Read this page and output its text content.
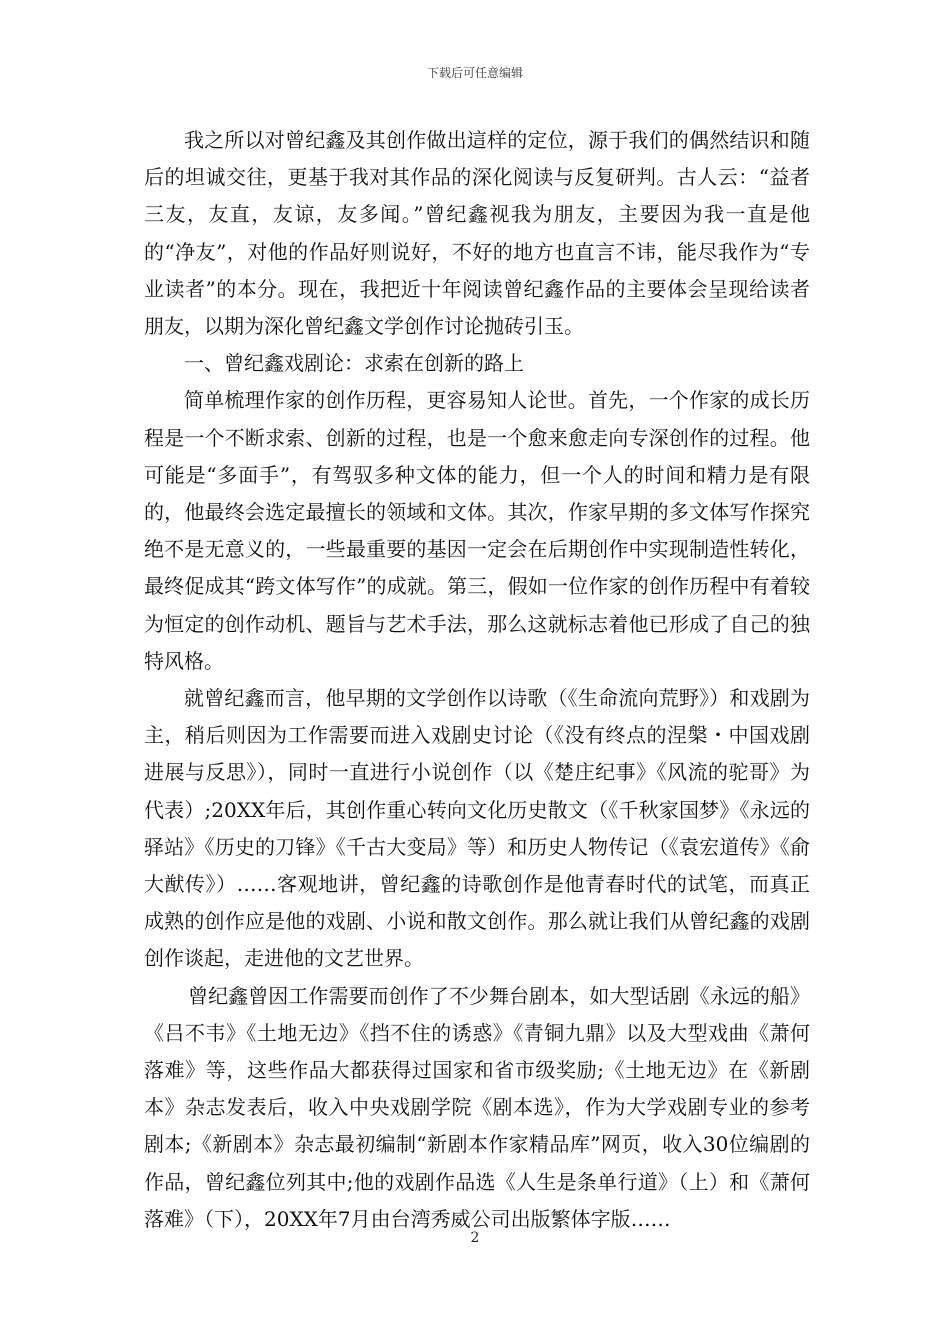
下载后可任意编辑

我之所以对曾纪鑫及其创作做出這样的定位，源于我们的偶然结识和随后的坦诚交往，更基于我对其作品的深化阅读与反复研判。古人云：“益者三友，友直，友谅，友多闻。”曾纪鑫视我为朋友，主要因为我一直是他的“净友”，对他的作品好则说好，不好的地方也直言不讳，能尽我作为“专业读者”的本分。现在，我把近十年阅读曾纪鑫作品的主要体会呈现给读者朋友，以期为深化曾纪鑫文学创作讨论抛砖引玉。

一、曾纪鑫戏剧论：求索在创新的路上

简单梳理作家的创作历程，更容易知人论世。首先，一个作家的成长历程是一个不断求索、创新的过程，也是一个愈来愈走向专深创作的过程。他可能是“多面手”，有驾驭多种文体的能力，但一个人的时间和精力是有限的，他最终会选定最擅长的领域和文体。其次，作家早期的多文体写作探究绝不是无意义的，一些最重要的基因一定会在后期创作中实现制造性转化，最终促成其“跨文体写作”的成就。第三，假如一位作家的创作历程中有着较为恒定的创作动机、题旨与艺术手法，那么这就标志着他已形成了自己的独特风格。

就曾纪鑫而言，他早期的文学创作以诗歌（《生命流向荒野》）和戏剧为主，稍后则因为工作需要而进入戏剧史讨论（《没有终点的涅槃・中国戏剧进展与反思》），同时一直进行小说创作（以《楚庄纪事》《风流的驼哥》为代表）;20XX年后，其创作重心转向文化历史散文（《千秋家国梦》《永远的驿站》《历史的刀锋》《千古大变局》等）和历史人物传记（《袁宏道传》《俞大猷传》）……客观地讲，曾纪鑫的诗歌创作是他青春时代的试笔，而真正成熟的创作应是他的戏剧、小说和散文创作。那么就让我们从曾纪鑫的戏剧创作谈起，走进他的文艺世界。

曾纪鑫曾因工作需要而创作了不少舞台剧本，如大型话剧《永远的船》《吕不韦》《土地无边》《挡不住的诱惑》《青铜九鼎》以及大型戏曲《萧何落难》等，这些作品大都获得过国家和省市级奖励;《土地无边》在《新剧本》杂志发表后，收入中央戏剧学院《剧本选》，作为大学戏剧专业的参考剧本;《新剧本》杂志最初编制“新剧本作家精品库”网页，收入30位编剧的作品，曾纪鑫位列其中;他的戏剧作品选《人生是条单行道》（上）和《萧何落难》（下），20XX年7月由台湾秀威公司出版繁体字版……

2
